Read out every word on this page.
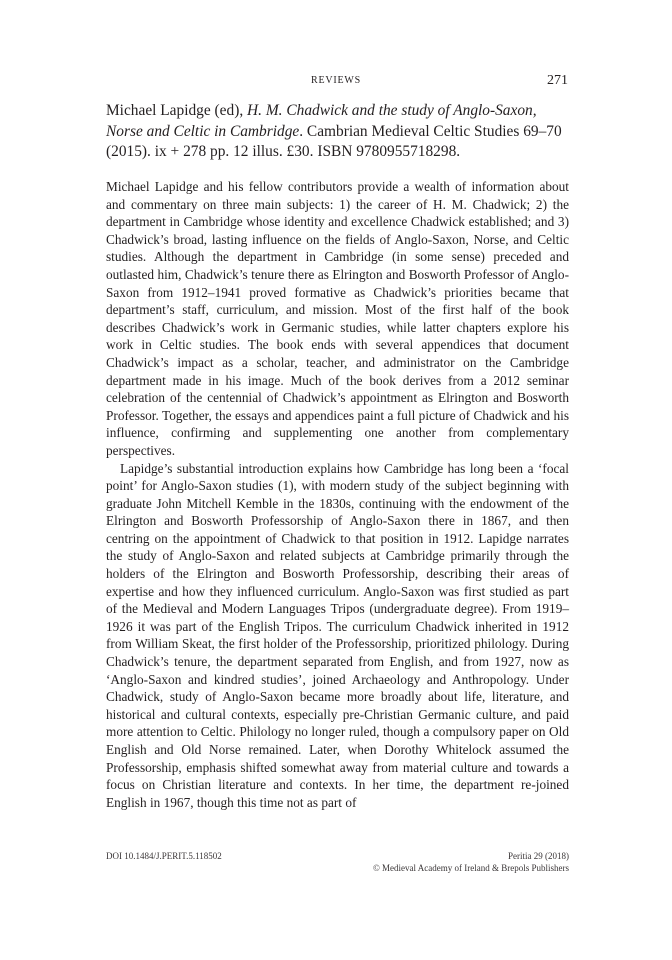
REVIEWS	271
Michael Lapidge (ed), H. M. Chadwick and the study of Anglo-Saxon, Norse and Celtic in Cambridge. Cambrian Medieval Celtic Studies 69–70 (2015). ix + 278 pp. 12 illus. £30. ISBN 9780955718298.

Michael Lapidge and his fellow contributors provide a wealth of information about and commentary on three main subjects: 1) the career of H. M. Chadwick; 2) the department in Cambridge whose identity and excellence Chadwick established; and 3) Chadwick’s broad, lasting influence on the fields of Anglo-Saxon, Norse, and Celtic studies. Although the department in Cambridge (in some sense) preceded and outlasted him, Chadwick’s tenure there as Elrington and Bosworth Professor of Anglo-Saxon from 1912–1941 proved formative as Chadwick’s priorities became that department’s staff, curriculum, and mission. Most of the first half of the book describes Chadwick’s work in Germanic studies, while latter chapters explore his work in Celtic studies. The book ends with several appendices that document Chadwick’s impact as a scholar, teacher, and administrator on the Cambridge department made in his image. Much of the book derives from a 2012 seminar celebration of the centennial of Chadwick’s appointment as Elrington and Bosworth Professor. Together, the essays and appendices paint a full picture of Chadwick and his influence, confirming and supplementing one another from complementary perspectives.

Lapidge’s substantial introduction explains how Cambridge has long been a ‘focal point’ for Anglo-Saxon studies (1), with modern study of the subject beginning with graduate John Mitchell Kemble in the 1830s, continuing with the endowment of the Elrington and Bosworth Professorship of Anglo-Saxon there in 1867, and then centring on the appointment of Chadwick to that position in 1912. Lapidge narrates the study of Anglo-Saxon and related subjects at Cambridge primarily through the holders of the Elrington and Bosworth Professorship, describing their areas of expertise and how they influenced curriculum. Anglo-Saxon was first studied as part of the Medieval and Modern Languages Tripos (undergraduate degree). From 1919–1926 it was part of the English Tripos. The curriculum Chadwick inherited in 1912 from William Skeat, the first holder of the Professorship, prioritized philology. During Chadwick’s tenure, the department separated from English, and from 1927, now as ‘Anglo-Saxon and kindred studies’, joined Archaeology and Anthropology. Under Chadwick, study of Anglo-Saxon became more broadly about life, literature, and historical and cultural contexts, especially pre-Christian Germanic culture, and paid more attention to Celtic. Philology no longer ruled, though a compulsory paper on Old English and Old Norse remained. Later, when Dorothy Whitelock assumed the Professorship, emphasis shifted somewhat away from material culture and towards a focus on Christian literature and contexts. In her time, the department re-joined English in 1967, though this time not as part of

DOI 10.1484/J.PERIT.5.118502	Peritia 29 (2018)
© Medieval Academy of Ireland & Brepols Publishers
